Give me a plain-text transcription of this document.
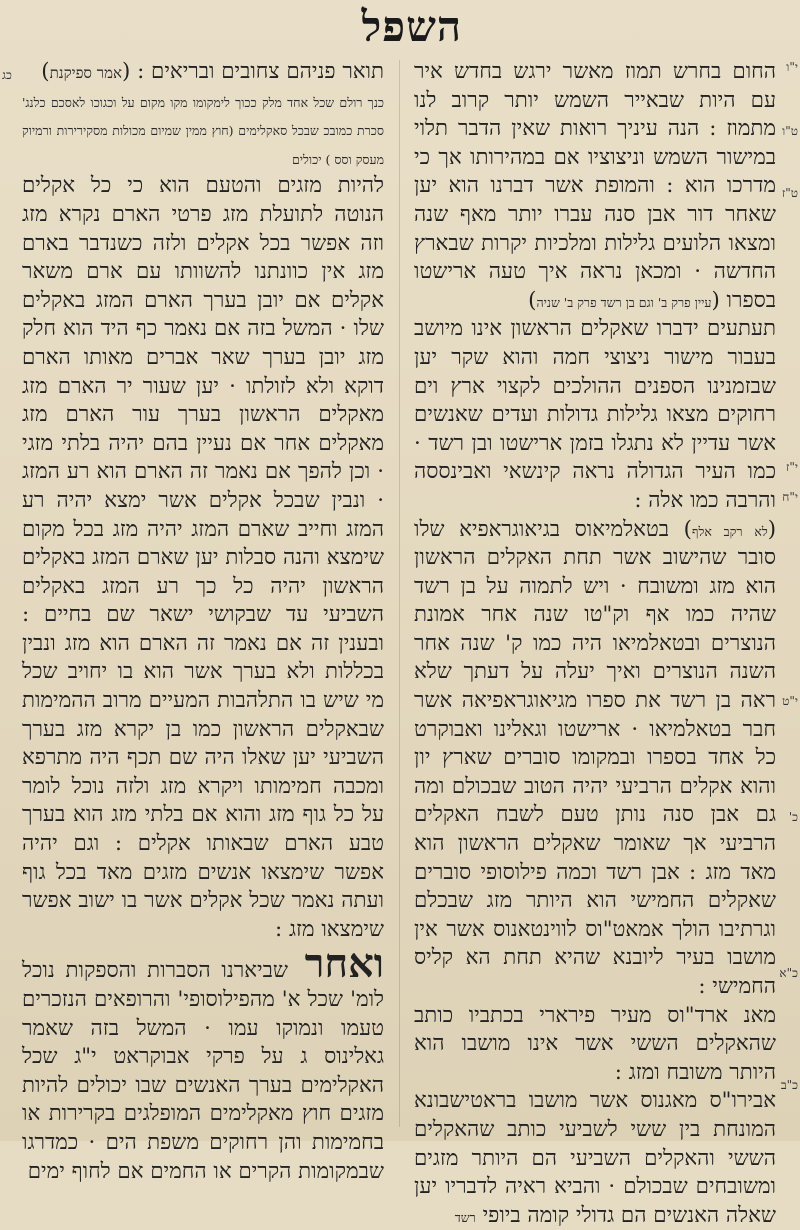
השפל
י"ו
ט"ו
ט"ז
י"ז
י"ח
י"ט
כ'
כ"א
כ"ב
כג	החום בחרש תמוז מאשר ירגש בחדש איר עם היות שבאייר השמש יותר קרוב לנו מתמוז : הנה עיניך רואות שאין הדבר תלוי במישור השמש וניצוציו אם במהירותו אך כי מדרכו הוא : והמופת אשר דברנו הוא יען שאחר דור אבן סנה עברו יותר מאף שנה ומצאו הלועים גלילות ומלכיות יקרות שבארץ החדשה · ומכאן נראה איך טעה ארישטו בספרו (עיין פרק ב' וגם בן רשד פרק ב' שניה)

תעתעים ידברו שאקלים הראשון אינו מיושב בעבור מישור ניצוצי חמה והוא שקר יען שבזמנינו הספנים ההולכים לקצוי ארץ וים רחוקים מצאו גלילות גדולות ועדים שאנשים אשר עדיין לא נתגלו בזמן ארישטו ובן רשד · כמו העיר הגדולה נראה קינשאי ואבינססה והרבה כמו אלה :

(לא רקב אלף) בטאלמיאוס בגיאוגראפיא שלו סובר שהישוב אשר תחת האקלים הראשון הוא מזג ומשובח · ויש לתמוה על בן רשד שהיה כמו אף וק"טו שנה אחר אמונת הנוצרים ובטאלמיאו היה כמו ק' שנה אחר השנה הנוצרים ואיך יעלה על דעתך שלא ראה בן רשד את ספרו מגיאוגראפיאה אשר חבר בטאלמיאו · ארישטו וגאלינו ואבוקרט כל אחד בספרו ובמקומו סוברים שארץ יון והוא אקלים הרביעי יהיה הטוב שבכולם ומה גם אבן סנה נותן טעם לשבח האקלים הרביעי אך שאומר שאקלים הראשון הוא מאד מזג : אבן רשד וכמה פילוסופי סוברים שאקלים החמישי הוא היותר מזג שבכלם וגרתיבו הולך אמאט"וס לווינטאנוס אשר אין מושבו בעיר ליובנא שהיא תחת הא קליס החמישי :

מאנ ארד"וס מעיר פירארי בכתביו כותב שהאקלים הששי אשר אינו מושבו הוא היותר משובח ומזג :

אבירו"ס מאגנוס אשר מושבו בראטישבונא המונחת בין ששי לשביעי כותב שהאקלים הששי והאקלים השביעי הם היותר מזגים ומשובחים שבכולם · והביא ראיה לדבריו יען שאלה האנשים הם גדולי קומה ביופי רשד

תואר פניהם צחובים ובריאים : (אמר ספיקנת)

כנך רולם שכל אחד מלק ככוך לימקומו מקו מקום על וכגוכו לאסכם כלנג' סכרת כמובכ שבכל סאקלימים (חוץ ממין שמיום מכולות מסקירירות ורמיוק מעסק וסס ) יכולים

להיות מזגים והטעם הוא כי כל אקלים הנוטה לתועלת מזג פרטי הארם נקרא מזג וזה אפשר בכל אקלים ולזה כשנדבר בארם מזג אין כוונתנו להשוותו עם ארם משאר אקלים אם יובן בערך הארם המזג באקלים שלו · המשל בזה אם נאמר כף היד הוא חלק מזג יובן בערך שאר אברים מאותו הארם דוקא ולא לזולתו · יען שעור יר הארם מזג מאקלים הראשון בערך עור הארם מזג מאקלים אחר אם נעיין בהם יהיה בלתי מזגי · וכן להפך אם נאמר זה הארם הוא רע המזג · ונבין שבכל אקלים אשר ימצא יהיה רע המזג וחייב שארם המזג יהיה מזג בכל מקום שימצא והנה סבלות יען שארם המזג באקלים הראשון יהיה כל כך רע המזג באקלים השביעי עד שבקושי ישאר שם בחיים : ובענין זה אם נאמר זה הארם הוא מזג ונבין בכללות ולא בערך אשר הוא בו יחויב שכל מי שיש בו התלהבות המעיים מרוב ההמימות שבאקלים הראשון כמו בן יקרא מזג בערך השביעי יען שאלו היה שם תכף היה מתרפא ומכבה חמימותו ויקרא מזג ולזה נוכל לומר על כל גוף מזג והוא אם בלתי מזג הוא בערך טבע הארם שבאותו אקלים : וגם יהיה אפשר שימצאו אנשים מזגים מאד בכל גוף ועתה נאמר שכל אקלים אשר בו ישוב אפשר שימצאו מזג :

ואחר שביארנו הסברות והספקות נוכל לומ' שכל א' מהפילוסופי' והרופאים הנזכרים טעמו ונמוקו עמו · המשל בזה שאמר גאלינוס ג על פרקי אבוקראט י"ג שכל האקלימים בערך האנשים שבו יכולים להיות מזגים חוץ מאקלימים המופלגים בקרירות או בחמימות והן רחוקים משפת הים · כמדרגו שבמקומות הקרים או החמים אם לחוף ימים
